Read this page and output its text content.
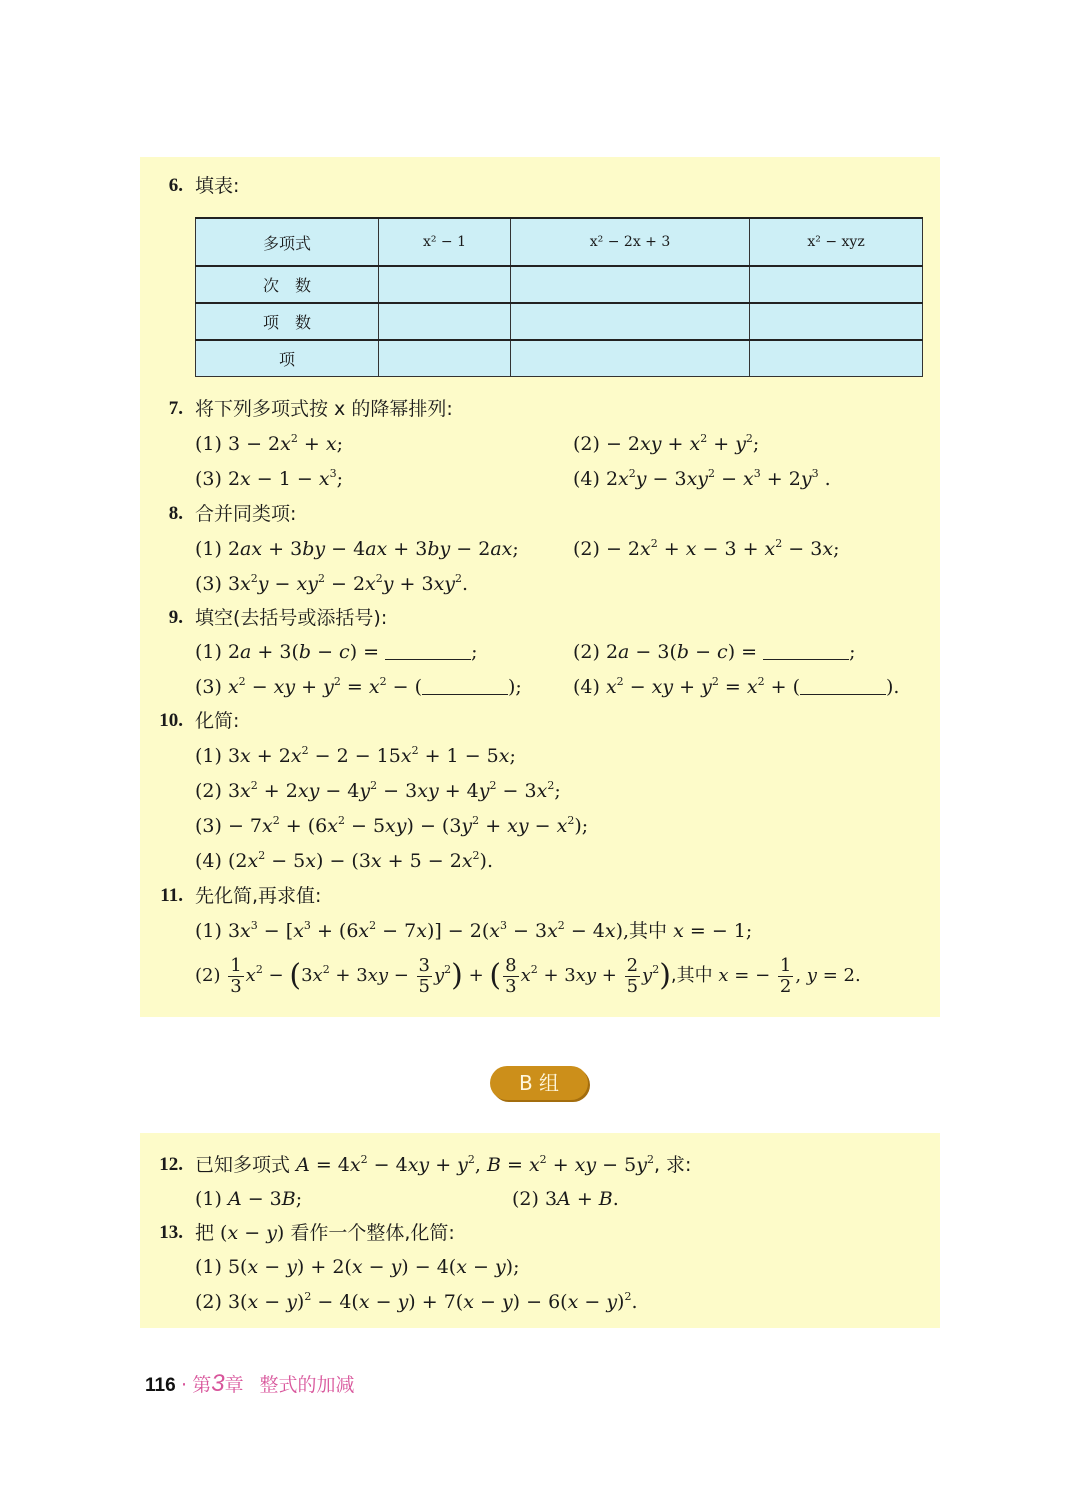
6. 填表:
多项式	x² − 1	x² − 2x + 3	x² − xyz
次　数			
项　数			
项			
7. 将下列多项式按 x 的降幂排列:
(1) $3 - 2x^2 + x$;	$(2) - 2xy + x^2 + y^2$;
(3) $2x - 1 - x^3$;	(4) $2x^2y - 3xy^2 - x^3 + 2y^3$ .
8. 合并同类项:
(1) 2ax + 3by − 4ax + 3by − 2ax;	$(2) - 2x^2 + x - 3 + x^2 - 3x$;
(3) $3x^2y - xy^2 - 2x^2y + 3xy^2$.
9. 填空(去括号或添括号):
(1) 2a + 3(b − c) =	;	(2) 2a − 3(b − c) =	;
(3) $x^2$ − xy + $y^2 = x^2$ − (	);	(4) $x^2$ − xy + $y^2 = x^2$ + (	).
10. 化简:
(1) $3x + 2x^2 - 2 - 15x^2 + 1 - 5x$;
(2) $3x^2 + 2xy - 4y^2 - 3xy + 4y^2 - 3x^2$;
$(3) - 7x^2 + (6x^2 - 5xy) - (3y^2$ + xy − $x^2$);
(4) $(2x^2 - 5x) - (3x + 5 - 2x^2)$.
11. 先化简,再求值:
(1) $3x^3 - [x^3 + (6x^2 - 7x)] - 2(x^3 - 3x^2 - 4x)$,其中 x = − 1;
$(2) \frac{1}{3} x^2 - (3x^2 + 3xy - \frac{3}{5} y^2)$ + ( $\frac{8}{3} x^2 + 3xy + \frac{2}{5} y^2$),其中 x = − $\frac{1}{2}$ , y = 2.
B 组
12. 已知多项式 $A = 4x^2 - 4xy + y^2$, $B = x^2$ + xy − $5y^2$, 求:
(1) A − 3B;	(2) 3A + B.
13. 把 (x − y) 看作一个整体,化简:
(1) 5(x − y) + 2(x − y) − 4(x − y);
(2) $3(x - y)^2 - 4(x - y) + 7(x - y) - 6(x - y)^2$.
116 · 第3章 整式的加减
